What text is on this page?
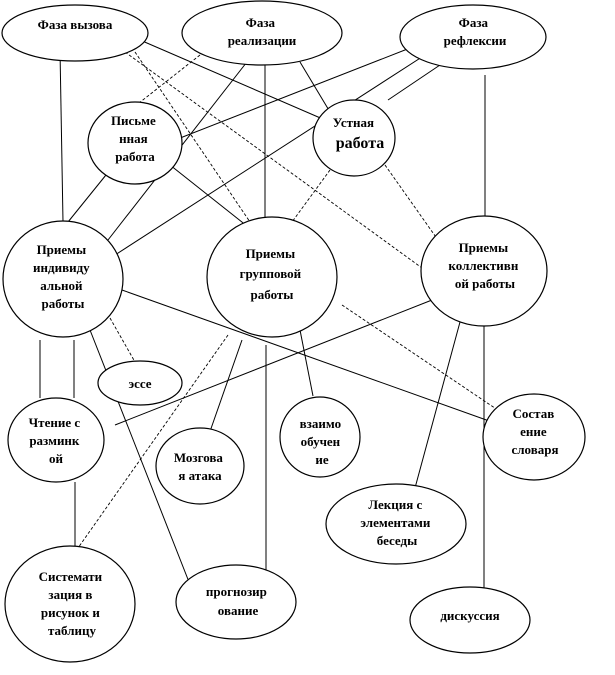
Фаза вызова	Фаза реализации
Фаза рефлексии
Письме нная работа
Устная работа
Приемы индивиду альной работы
Приемы групповой работы
Приемы коллективн ой работы
эссе
Чтение с разминк ой	Мозгова я атака
взаимо обучен ие
Состав ение словаря
Лекция с элементами беседы
Системати зация в рисунок и таблицу
прогнозир ование	дискуссия
